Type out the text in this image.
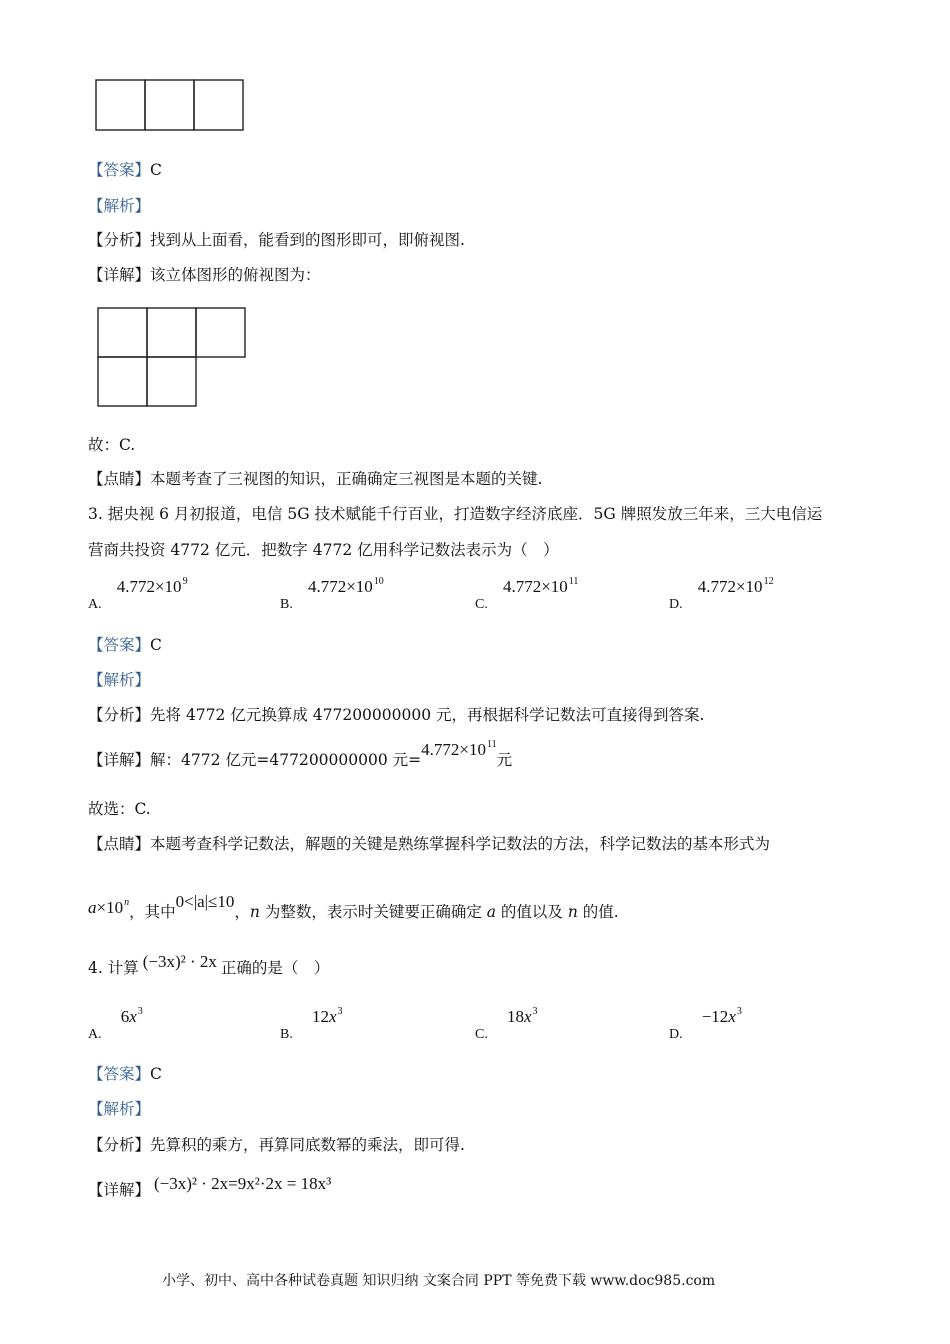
【答案】C
【解析】
【分析】找到从上面看，能看到的图形即可，即俯视图.
【详解】该立体图形的俯视图为：
故：C.
【点睛】本题考查了三视图的知识，正确确定三视图是本题的关键.
3. 据央视 6 月初报道，电信 5G 技术赋能千行百业，打造数字经济底座．5G 牌照发放三年来，三大电信运
营商共投资 4772 亿元．把数字 4772 亿用科学记数法表示为（　）
A. $4.772\times 10^9$
B. $4.772\times 10^{10}$
C. $4.772\times 10^{11}$
D. $4.772\times 10^{12}$
【答案】C
【解析】
【分析】先将 4772 亿元换算成 477200000000 元，再根据科学记数法可直接得到答案.
【详解】解：4772 亿元=477200000000 元$=4.772\times 10^{11}$元
故选：C.
【点睛】本题考查科学记数法，解题的关键是熟练掌握科学记数法的方法，科学记数法的基本形式为
$a\times 10^n$，其中0<|a|≤10，n 为整数，表示时关键要正确确定 a 的值以及 n 的值.
4. 计算 (−3x)² · 2x 正确的是（　）
A. $6x^3$
B. $12x^3$
C. $18x^3$
D. $-12x^3$
【答案】C
【解析】
【分析】先算积的乘方，再算同底数幂的乘法，即可得.
【详解】 (−3x)² · 2x=9x²·2x = 18x³
小学、初中、高中各种试卷真题 知识归纳 文案合同 PPT 等免费下载 www.doc985.com
